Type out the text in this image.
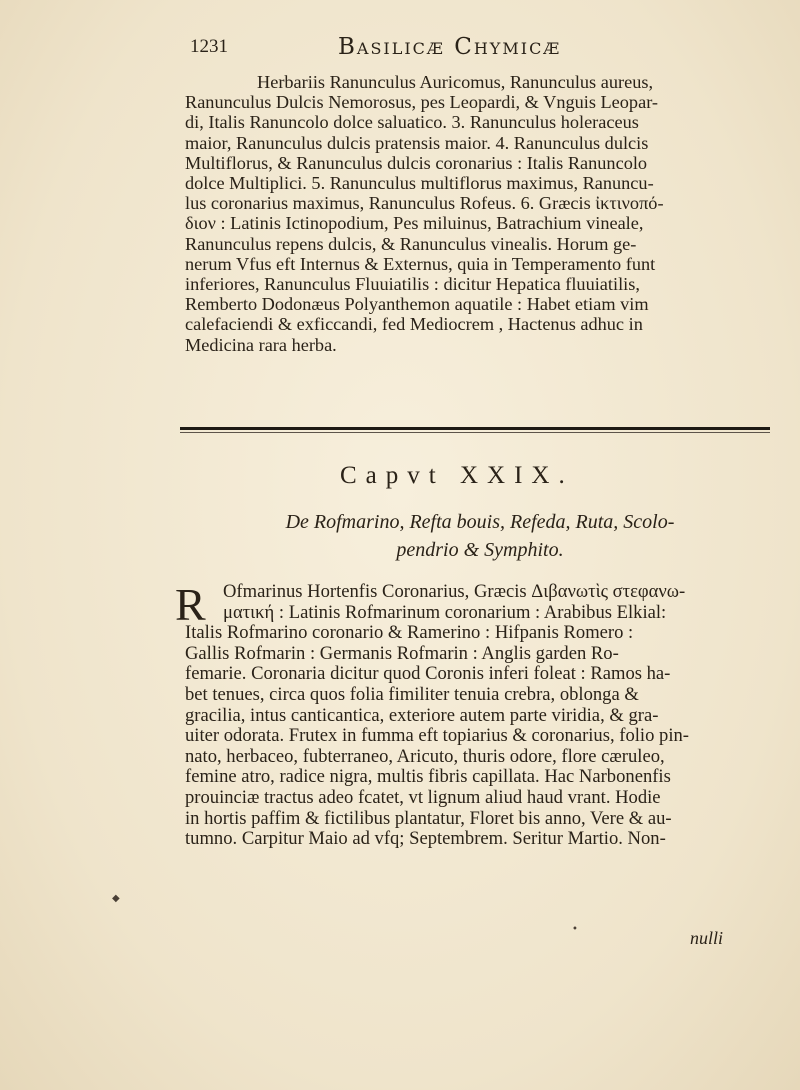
1231	Basilicæ Chymicæ
Herbariis Ranunculus Auricomus, Ranunculus aureus,
Ranunculus Dulcis Nemorosus, pes Leopardi, & Vnguis Leopar-
di, Italis Ranuncolo dolce saluatico. 3. Ranunculus holeraceus
maior, Ranunculus dulcis pratensis maior. 4. Ranunculus dulcis
Multiflorus, & Ranunculus dulcis coronarius : Italis Ranuncolo
dolce Multiplici. 5. Ranunculus multiflorus maximus, Ranuncu-
lus coronarius maximus, Ranunculus Rofeus. 6. Græcis ἰκτινοπό-
διον : Latinis Ictinopodium, Pes miluinus, Batrachium vineale,
Ranunculus repens dulcis, & Ranunculus vinealis. Horum ge-
nerum Vfus eft Internus & Externus, quia in Temperamento funt
inferiores, Ranunculus Fluuiatilis : dicitur Hepatica fluuiatilis,
Remberto Dodonæus Polyanthemon aquatile : Habet etiam vim
calefaciendi & exficcandi, fed Mediocrem , Hactenus adhuc in
Medicina rara herba.
Capvt XXIX.
De Rofmarino, Refta bouis, Refeda, Ruta, Scolo-
pendrio & Symphito.
R Ofmarinus Hortenfis Coronarius, Græcis Διβανωτὶς στεφανω-
ματική : Latinis Rofmarinum coronarium : Arabibus Elkial:
Italis Rofmarino coronario & Ramerino : Hifpanis Romero :
Gallis Rofmarin : Germanis Rofmarin : Anglis garden Ro-
femarie. Coronaria dicitur quod Coronis inferi foleat : Ramos ha-
bet tenues, circa quos folia fimiliter tenuia crebra, oblonga &
gracilia, intus canticantica, exteriore autem parte viridia, & gra-
uiter odorata. Frutex in fumma eft topiarius & coronarius, folio pin-
nato, herbaceo, fubterraneo, Aricuto, thuris odore, flore cæruleo,
femine atro, radice nigra, multis fibris capillata. Hac Narbonenfis
prouinciæ tractus adeo fcatet, vt lignum aliud haud vrant. Hodie
in hortis paffim & fictilibus plantatur, Floret bis anno, Vere & au-
tumno. Carpitur Maio ad vfq; Septembrem. Seritur Martio. Non-
nulli
◆
•
